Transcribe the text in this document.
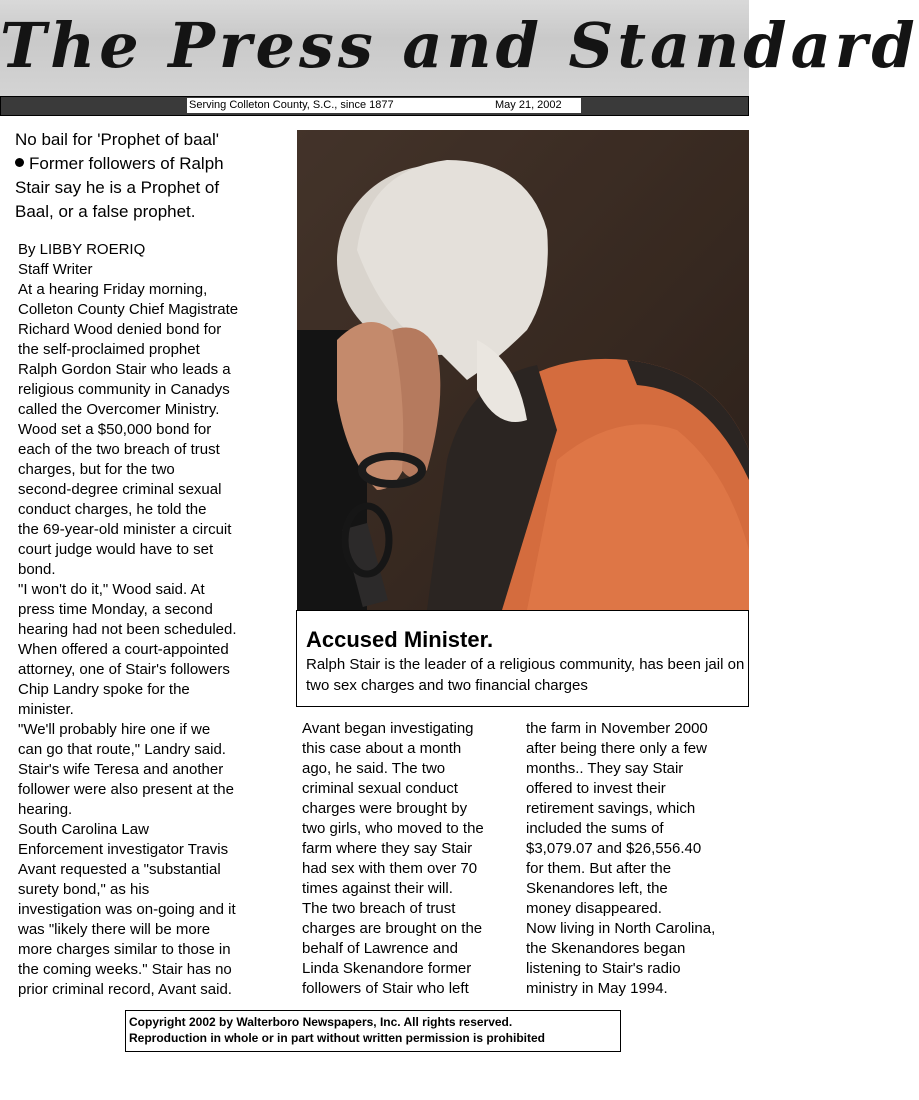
The Press and Standard
Serving Colleton County, S.C., since 1877	May 21, 2002
No bail for 'Prophet of baal'
Former followers of Ralph
Stair say he is a Prophet of
Baal, or a false prophet.
By LIBBY ROERIQ
Staff Writer
At a hearing Friday morning,
Colleton County Chief Magistrate
Richard Wood denied bond for
the self-proclaimed prophet
Ralph Gordon Stair who leads a
religious community in Canadys
called the Overcomer Ministry.
Wood set a $50,000 bond for
each of the two breach of trust
charges, but for the two
second-degree criminal sexual
conduct charges, he told the
the 69-year-old minister a circuit
court judge would have to set
bond.
"I won't do it," Wood said. At
press time Monday, a second
hearing had not been scheduled.
When offered a court-appointed
attorney, one of Stair's followers
Chip Landry spoke for the
minister.
"We'll probably hire one if we
can go that route," Landry said.
Stair's wife Teresa and another
follower were also present at the
hearing.
South Carolina Law
Enforcement investigator Travis
Avant requested a "substantial
surety bond," as his
investigation was on-going and it
was "likely there will be more
more charges similar to those in
the coming weeks." Stair has no
prior criminal record, Avant said.
Accused Minister.
Ralph Stair is the leader of a religious community, has been jail on two sex charges and two financial charges
Avant began investigating
this case about a month
ago, he said. The two
criminal sexual conduct
charges were brought by
two girls, who moved to the
farm where they say Stair
had sex with them over 70
times against their will.
The two breach of trust
charges are brought on the
behalf of Lawrence and
Linda Skenandore former
followers of Stair who left
the farm in November 2000
after being there only a few
months.. They say Stair
offered to invest their
retirement savings, which
included the sums of
$3,079.07 and $26,556.40
for them. But after the
Skenandores left, the
money disappeared.
Now living in North Carolina,
the Skenandores began
listening to Stair's radio
ministry in May 1994.
Copyright 2002 by Walterboro Newspapers, Inc. All rights reserved.
Reproduction in whole or in part without written permission is prohibited
